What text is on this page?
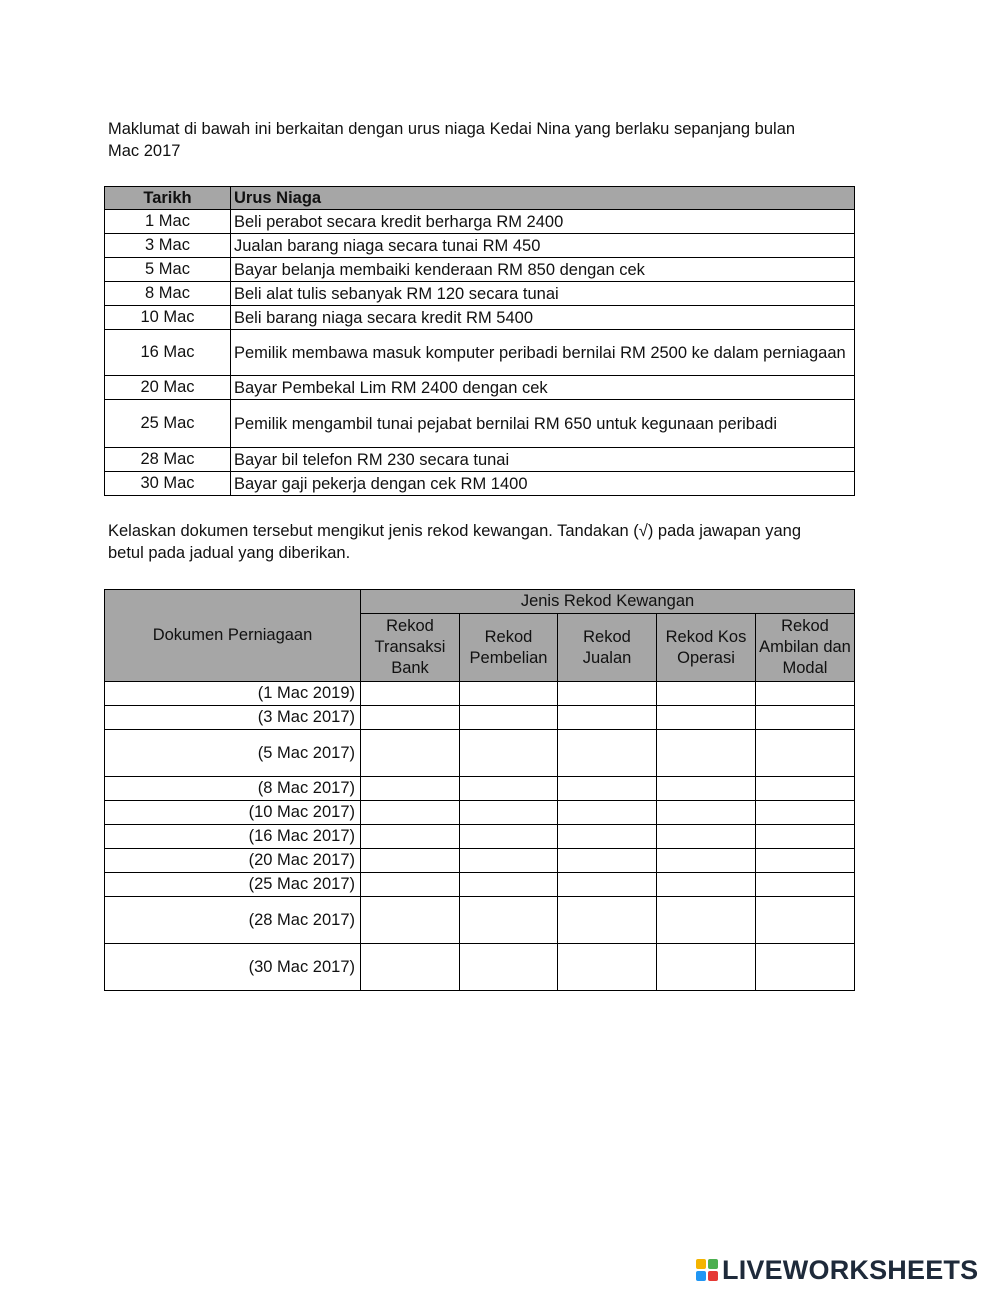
Maklumat di bawah ini berkaitan dengan urus niaga Kedai Nina yang berlaku sepanjang bulan Mac 2017

Tarikh	Urus Niaga
1 Mac	Beli perabot secara kredit berharga RM 2400
3 Mac	Jualan barang niaga secara tunai RM 450
5 Mac	Bayar belanja membaiki kenderaan RM 850 dengan cek
8 Mac	Beli alat tulis sebanyak RM 120 secara tunai
10 Mac	Beli barang niaga secara kredit RM 5400
16 Mac	Pemilik membawa masuk komputer peribadi bernilai RM 2500 ke dalam perniagaan
20 Mac	Bayar Pembekal Lim RM 2400 dengan cek
25 Mac	Pemilik mengambil tunai pejabat bernilai RM 650 untuk kegunaan peribadi
28 Mac	Bayar bil telefon RM 230 secara tunai
30 Mac	Bayar gaji pekerja dengan cek RM 1400

Kelaskan dokumen tersebut mengikut jenis rekod kewangan. Tandakan (√) pada jawapan yang betul pada jadual yang diberikan.

Dokumen Perniagaan	Jenis Rekod Kewangan				
	Rekod Transaksi Bank	Rekod Pembelian	Rekod Jualan	Rekod Kos Operasi	Rekod Ambilan dan Modal
(1 Mac 2019)					
(3 Mac 2017)					
(5 Mac 2017)					
(8 Mac 2017)					
(10 Mac 2017)					
(16 Mac 2017)					
(20 Mac 2017)					
(25 Mac 2017)					
(28 Mac 2017)					
(30 Mac 2017)					
LIVEWORKSHEETS
